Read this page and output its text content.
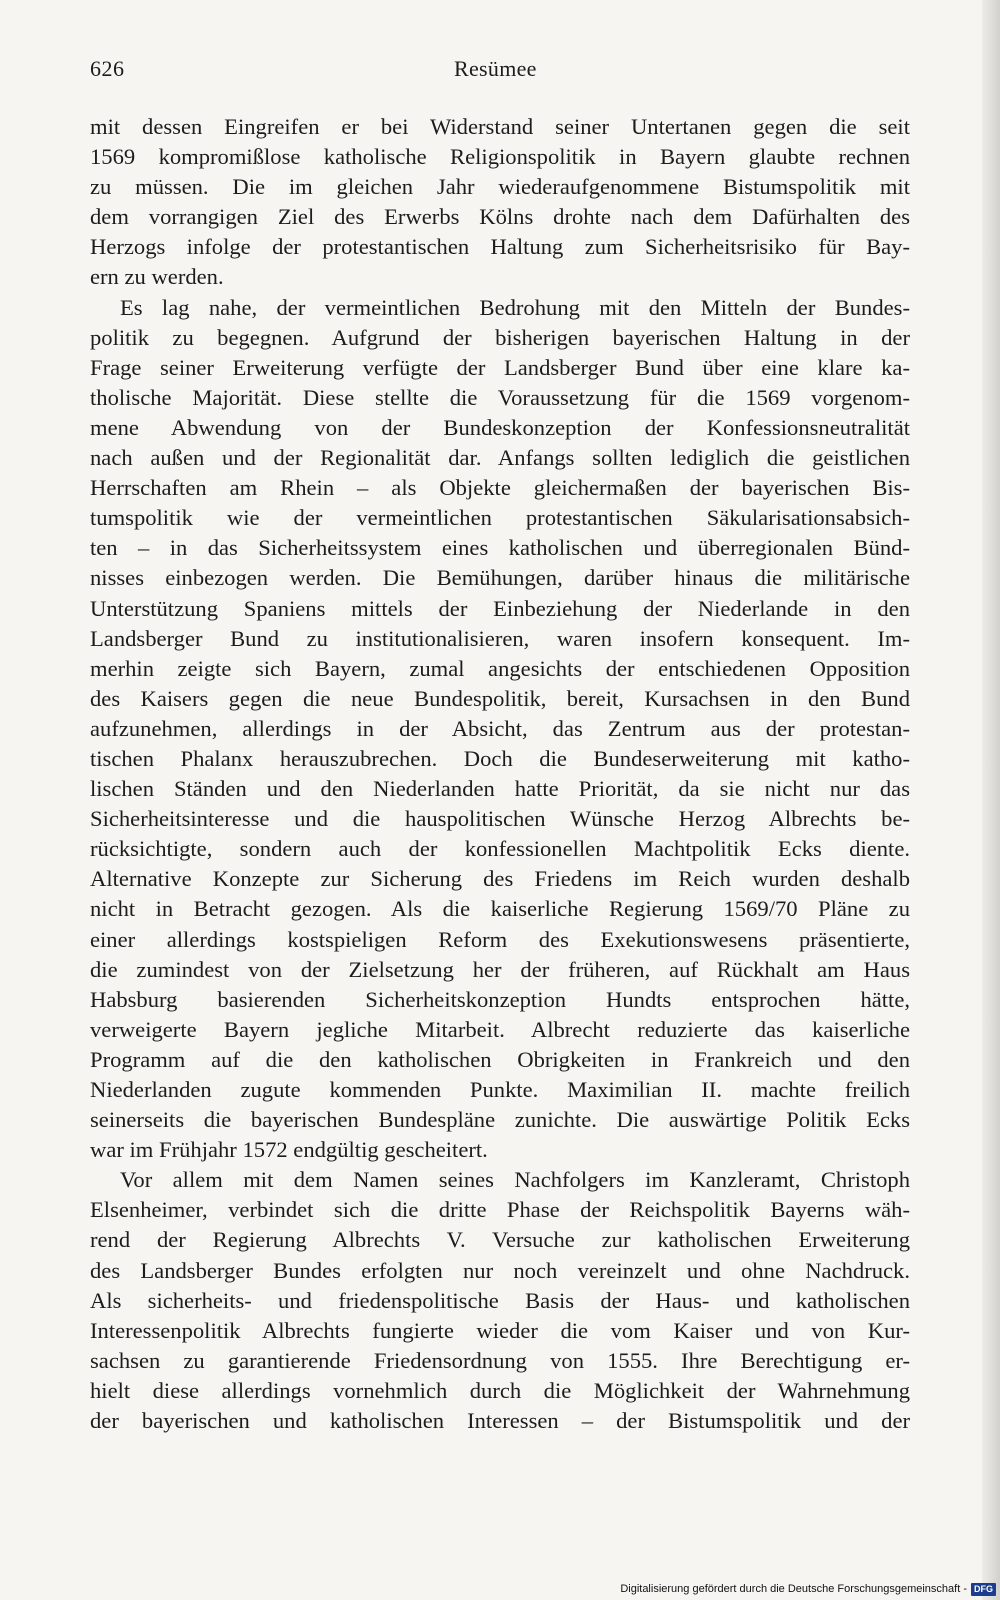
626	Resümee
mit dessen Eingreifen er bei Widerstand seiner Untertanen gegen die seit
1569 kompromißlose katholische Religionspolitik in Bayern glaubte rechnen
zu müssen. Die im gleichen Jahr wiederaufgenommene Bistumspolitik mit
dem vorrangigen Ziel des Erwerbs Kölns drohte nach dem Dafürhalten des
Herzogs infolge der protestantischen Haltung zum Sicherheitsrisiko für Bay-
ern zu werden.
Es lag nahe, der vermeintlichen Bedrohung mit den Mitteln der Bundes-
politik zu begegnen. Aufgrund der bisherigen bayerischen Haltung in der
Frage seiner Erweiterung verfügte der Landsberger Bund über eine klare ka-
tholische Majorität. Diese stellte die Voraussetzung für die 1569 vorgenom-
mene Abwendung von der Bundeskonzeption der Konfessionsneutralität
nach außen und der Regionalität dar. Anfangs sollten lediglich die geistlichen
Herrschaften am Rhein – als Objekte gleichermaßen der bayerischen Bis-
tumspolitik wie der vermeintlichen protestantischen Säkularisationsabsich-
ten – in das Sicherheitssystem eines katholischen und überregionalen Bünd-
nisses einbezogen werden. Die Bemühungen, darüber hinaus die militärische
Unterstützung Spaniens mittels der Einbeziehung der Niederlande in den
Landsberger Bund zu institutionalisieren, waren insofern konsequent. Im-
merhin zeigte sich Bayern, zumal angesichts der entschiedenen Opposition
des Kaisers gegen die neue Bundespolitik, bereit, Kursachsen in den Bund
aufzunehmen, allerdings in der Absicht, das Zentrum aus der protestan-
tischen Phalanx herauszubrechen. Doch die Bundeserweiterung mit katho-
lischen Ständen und den Niederlanden hatte Priorität, da sie nicht nur das
Sicherheitsinteresse und die hauspolitischen Wünsche Herzog Albrechts be-
rücksichtigte, sondern auch der konfessionellen Machtpolitik Ecks diente.
Alternative Konzepte zur Sicherung des Friedens im Reich wurden deshalb
nicht in Betracht gezogen. Als die kaiserliche Regierung 1569/70 Pläne zu
einer allerdings kostspieligen Reform des Exekutionswesens präsentierte,
die zumindest von der Zielsetzung her der früheren, auf Rückhalt am Haus
Habsburg basierenden Sicherheitskonzeption Hundts entsprochen hätte,
verweigerte Bayern jegliche Mitarbeit. Albrecht reduzierte das kaiserliche
Programm auf die den katholischen Obrigkeiten in Frankreich und den
Niederlanden zugute kommenden Punkte. Maximilian II. machte freilich
seinerseits die bayerischen Bundespläne zunichte. Die auswärtige Politik Ecks
war im Frühjahr 1572 endgültig gescheitert.
Vor allem mit dem Namen seines Nachfolgers im Kanzleramt, Christoph
Elsenheimer, verbindet sich die dritte Phase der Reichspolitik Bayerns wäh-
rend der Regierung Albrechts V. Versuche zur katholischen Erweiterung
des Landsberger Bundes erfolgten nur noch vereinzelt und ohne Nachdruck.
Als sicherheits- und friedenspolitische Basis der Haus- und katholischen
Interessenpolitik Albrechts fungierte wieder die vom Kaiser und von Kur-
sachsen zu garantierende Friedensordnung von 1555. Ihre Berechtigung er-
hielt diese allerdings vornehmlich durch die Möglichkeit der Wahrnehmung
der bayerischen und katholischen Interessen – der Bistumspolitik und der
Digitalisierung gefördert durch die Deutsche Forschungsgemeinschaft - DFG
